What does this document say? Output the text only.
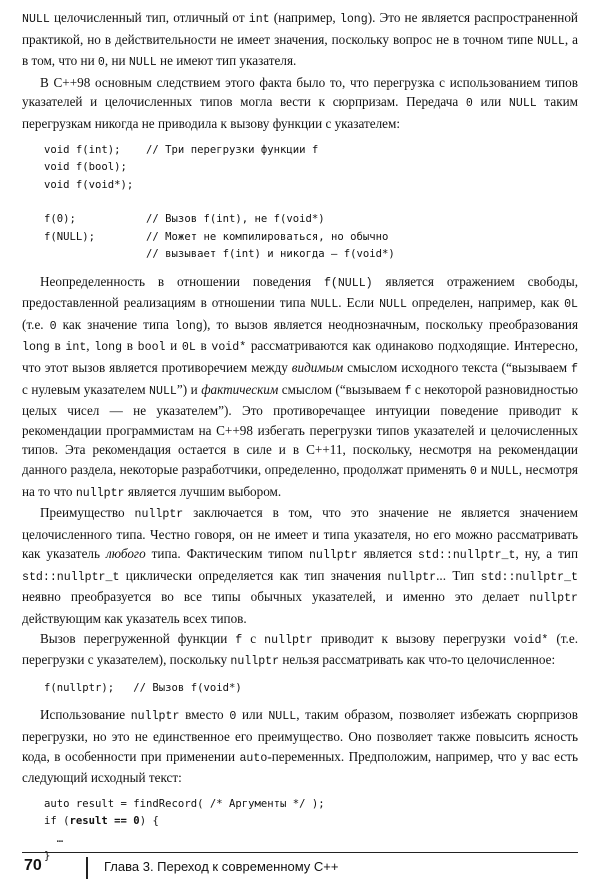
NULL целочисленный тип, отличный от int (например, long). Это не является распространенной практикой, но в действительности не имеет значения, поскольку вопрос не в точном типе NULL, а в том, что ни 0, ни NULL не имеют тип указателя.

В C++98 основным следствием этого факта было то, что перегрузка с использованием типов указателей и целочисленных типов могла вести к сюрпризам. Передача 0 или NULL таким перегрузкам никогда не приводила к вызову функции с указателем:

void f(int);    // Три перегрузки функции f
void f(bool);
void f(void*);

f(0);           // Вызов f(int), не f(void*)
f(NULL);        // Может не компилироваться, но обычно
// вызывает f(int) и никогда — f(void*)

Неопределенность в отношении поведения f(NULL) является отражением свободы, предоставленной реализациям в отношении типа NULL. Если NULL определен, например, как 0L (т.е. 0 как значение типа long), то вызов является неоднозначным, поскольку преобразования long в int, long в bool и 0L в void* рассматриваются как одинаково подходящие. Интересно, что этот вызов является противоречием между видимым смыслом исходного текста (“вызываем f с нулевым указателем NULL”) и фактическим смыслом (“вызываем f с некоторой разновидностью целых чисел — не указателем”). Это противоречащее интуиции поведение приводит к рекомендации программистам на C++98 избегать перегрузки типов указателей и целочисленных типов. Эта рекомендация остается в силе и в C++11, поскольку, несмотря на рекомендации данного раздела, некоторые разработчики, определенно, продолжат применять 0 и NULL, несмотря на то что nullptr является лучшим выбором.

Преимущество nullptr заключается в том, что это значение не является значением целочисленного типа. Честно говоря, он не имеет и типа указателя, но его можно рассматривать как указатель любого типа. Фактическим типом nullptr является std::nullptr_t, ну, а тип std::nullptr_t циклически определяется как тип значения nullptr... Тип std::nullptr_t неявно преобразуется во все типы обычных указателей, и именно это делает nullptr действующим как указатель всех типов.

Вызов перегруженной функции f с nullptr приводит к вызову перегрузки void* (т.е. перегрузки с указателем), поскольку nullptr нельзя рассматривать как что-то целочисленное:

f(nullptr);   // Вызов f(void*)

Использование nullptr вместо 0 или NULL, таким образом, позволяет избежать сюрпризов перегрузки, но это не единственное его преимущество. Оно позволяет также повысить ясность кода, в особенности при применении auto-переменных. Предположим, например, что у вас есть следующий исходный текст:

auto result = findRecord( /* Аргументы */ );
if (result == 0) {
…
}
70	Глава 3. Переход к современному C++
